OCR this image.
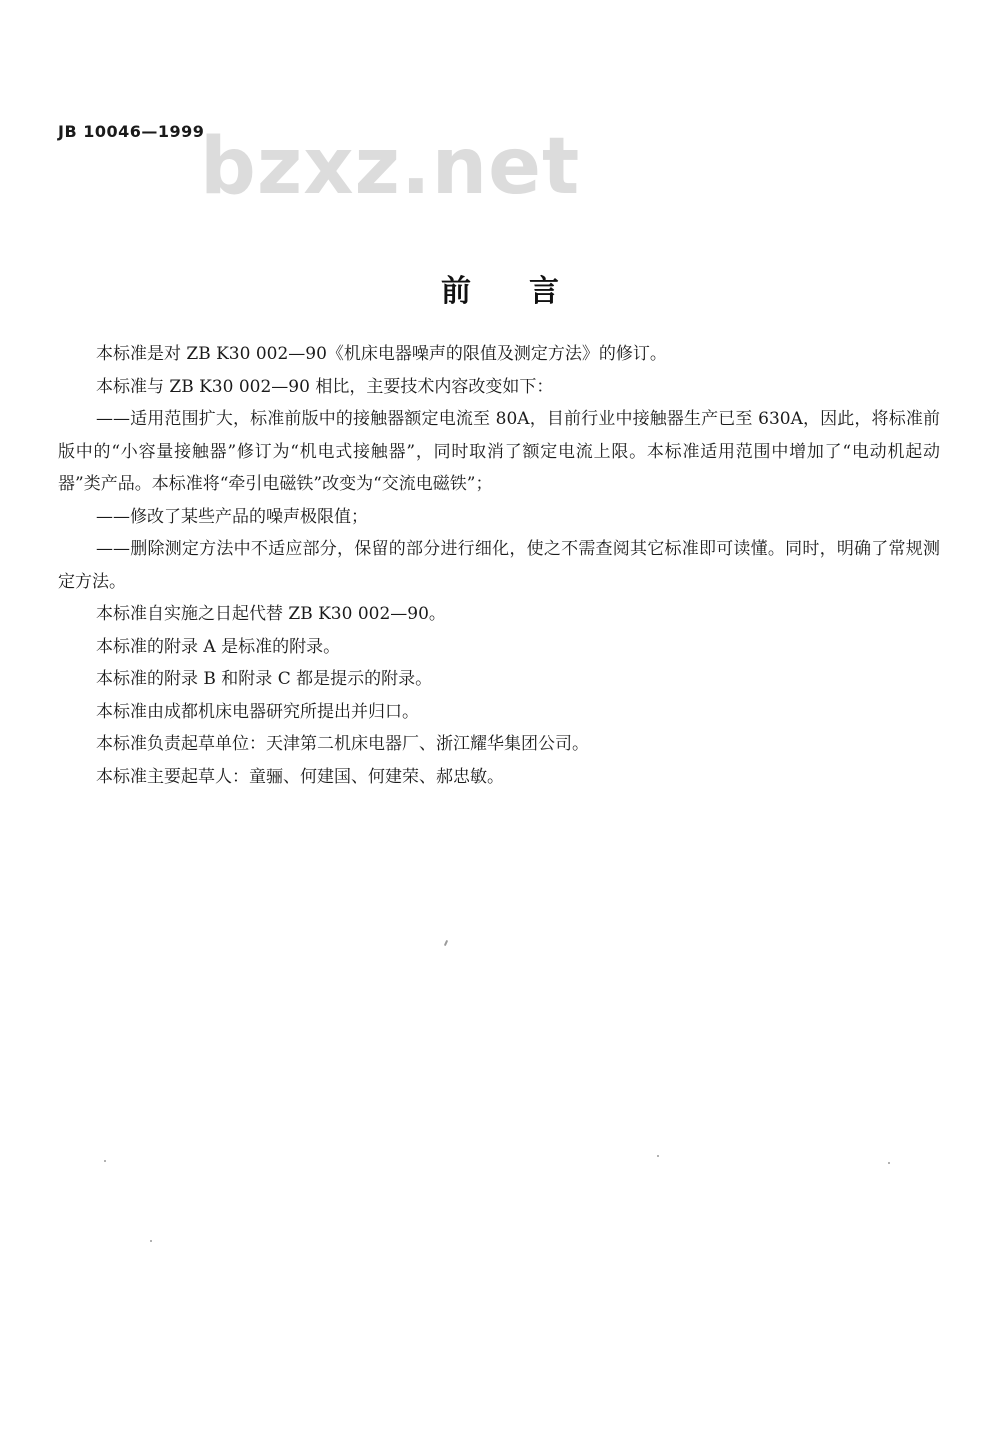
JB 10046—1999
bzxz.net
前言

本标准是对 ZB K30 002—90《机床电器噪声的限值及测定方法》的修订。

本标准与 ZB K30 002—90 相比，主要技术内容改变如下：

——适用范围扩大，标准前版中的接触器额定电流至 80A，目前行业中接触器生产已至 630A，因此，将标准前版中的“小容量接触器”修订为“机电式接触器”，同时取消了额定电流上限。本标准适用范围中增加了“电动机起动器”类产品。本标准将“牵引电磁铁”改变为“交流电磁铁”；

——修改了某些产品的噪声极限值；

——删除测定方法中不适应部分，保留的部分进行细化，使之不需查阅其它标准即可读懂。同时，明确了常规测定方法。

本标准自实施之日起代替 ZB K30 002—90。

本标准的附录 A 是标准的附录。

本标准的附录 B 和附录 C 都是提示的附录。

本标准由成都机床电器研究所提出并归口。

本标准负责起草单位：天津第二机床电器厂、浙江耀华集团公司。

本标准主要起草人：童骊、何建国、何建荣、郝忠敏。
